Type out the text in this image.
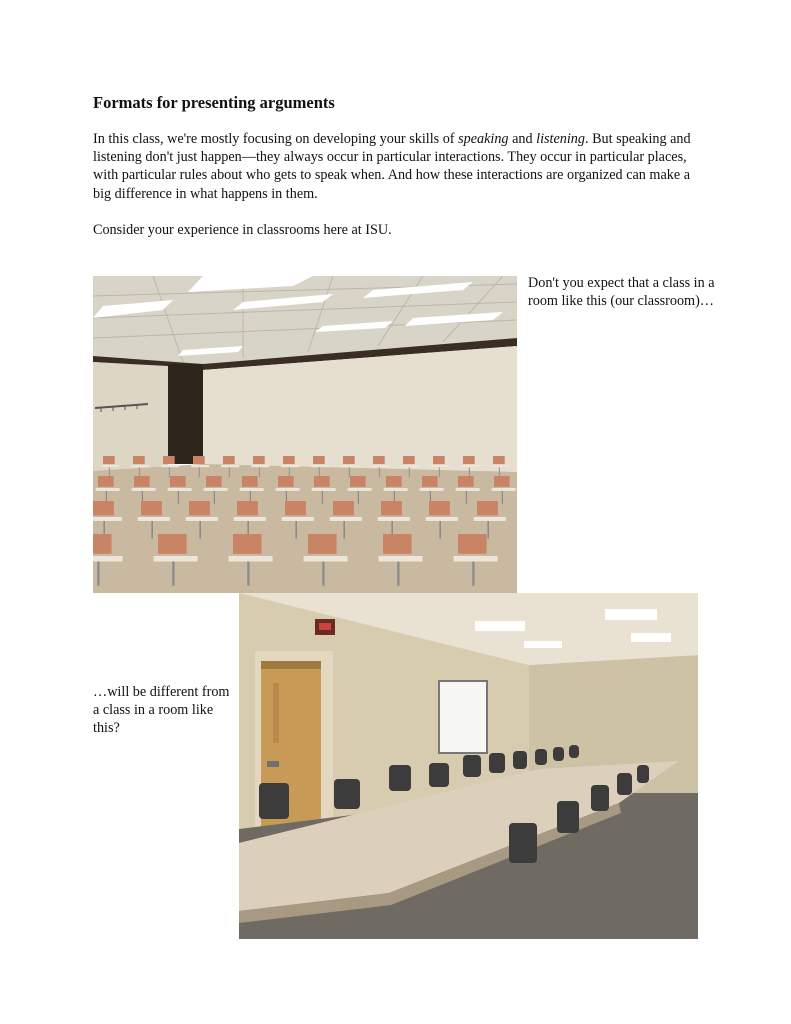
Formats for presenting arguments

In this class, we're mostly focusing on developing your skills of speaking and listening. But speaking and listening don't just happen—they always occur in particular interactions. They occur in particular places, with particular rules about who gets to speak when. And how these interactions are organized can make a big difference in what happens in them.

Consider your experience in classrooms here at ISU.

Don't you expect that a class in a room like this (our classroom)…

…will be different from a class in a room like this?
